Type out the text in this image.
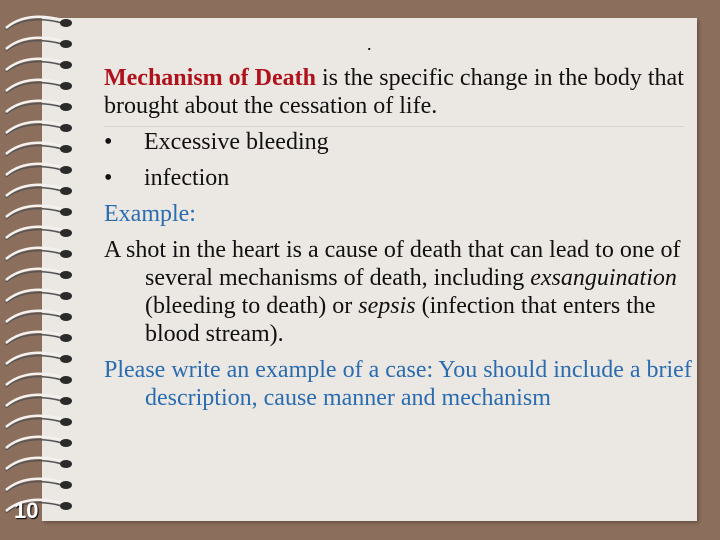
10
.

Mechanism of Death is the specific change in the body that brought about the cessation of life.

•	Excessive bleeding
•	infection

Example:

A shot in the heart is a cause of death that can lead to one of several mechanisms of death, including exsanguination (bleeding to death) or sepsis (infection that enters the blood stream).

Please write an example of a case: You should include a brief description, cause manner and mechanism
